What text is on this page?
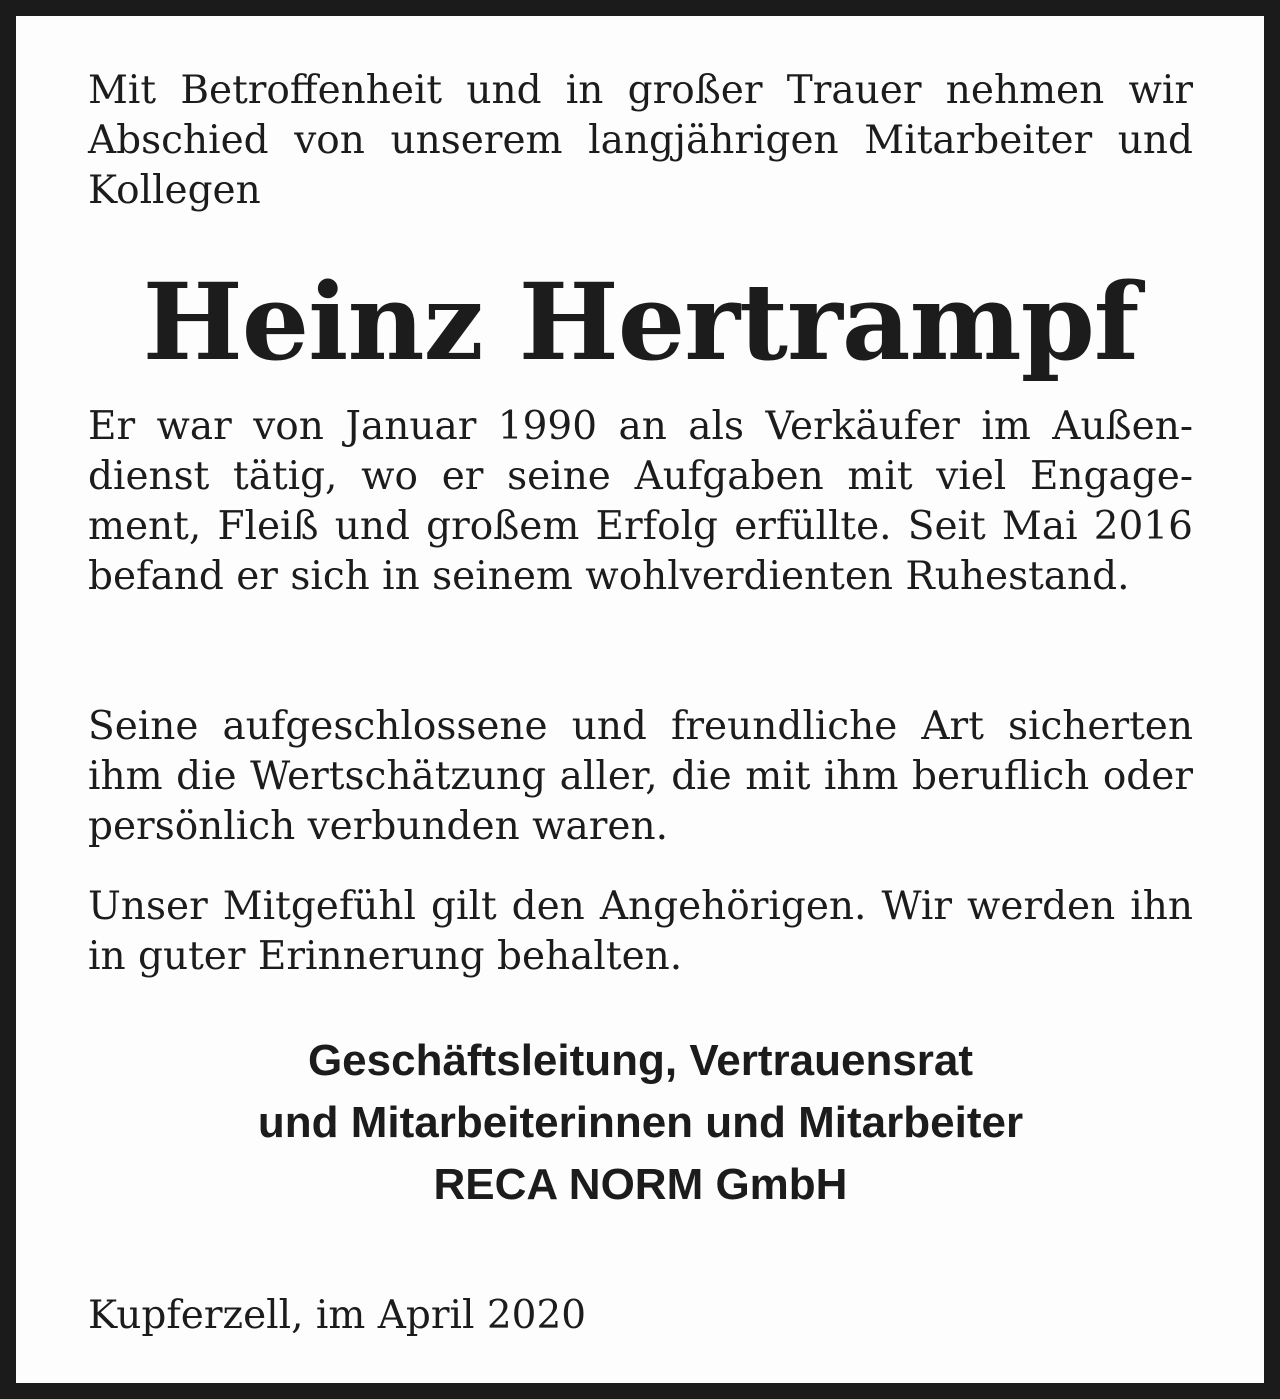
Mit Betroffenheit und in großer Trauer nehmen wir Abschied von unserem langjährigen Mitarbeiter und Kollegen

Heinz Hertrampf

Er war von Januar 1990 an als Verkäufer im Außendienst tätig, wo er seine Aufgaben mit viel Engagement, Fleiß und großem Erfolg erfüllte. Seit Mai 2016 befand er sich in seinem wohlverdienten Ruhestand.

Seine aufgeschlossene und freundliche Art sicherten ihm die Wertschätzung aller, die mit ihm beruflich oder persönlich verbunden waren.

Unser Mitgefühl gilt den Angehörigen. Wir werden ihn in guter Erinnerung behalten.

Geschäftsleitung, Vertrauensrat
und Mitarbeiterinnen und Mitarbeiter
RECA NORM GmbH

Kupferzell, im April 2020
